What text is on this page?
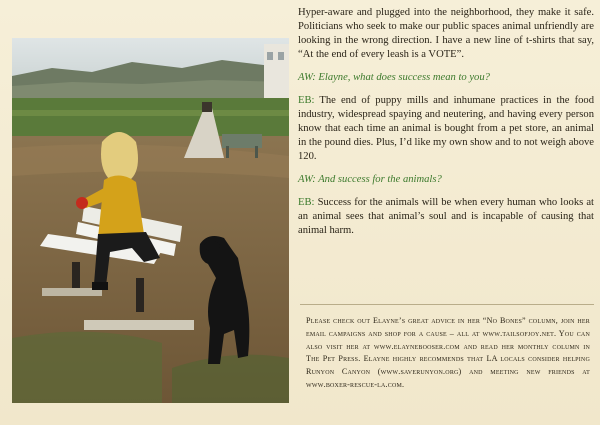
Hyper-aware and plugged into the neighborhood, they make it safe. Politicians who seek to make our public spaces animal unfriendly are looking in the wrong direction. I have a new line of t-shirts that say, “At the end of every leash is a VOTE”.

AW: Elayne, what does success mean to you?

EB: The end of puppy mills and inhumane practices in the food industry, widespread spaying and neutering, and having every person know that each time an animal is bought from a pet store, an animal in the pound dies. Plus, I’d like my own show and to not weigh above 120.

AW: And success for the animals?

EB: Success for the animals will be when every human who looks at an animal sees that animal’s soul and is incapable of causing that animal harm.

Please check out Elayne’s great advice in her “No Bones” column, join her email campaigns and shop for a cause – all at www.tailsofjoy.net. You can also visit her at www.elaynebooser.com and read her monthly column in The Pet Press. Elayne highly recommends that LA locals consider helping Runyon Canyon (www.saverunyon.org) and meeting new friends at www.boxer-rescue-la.com.
